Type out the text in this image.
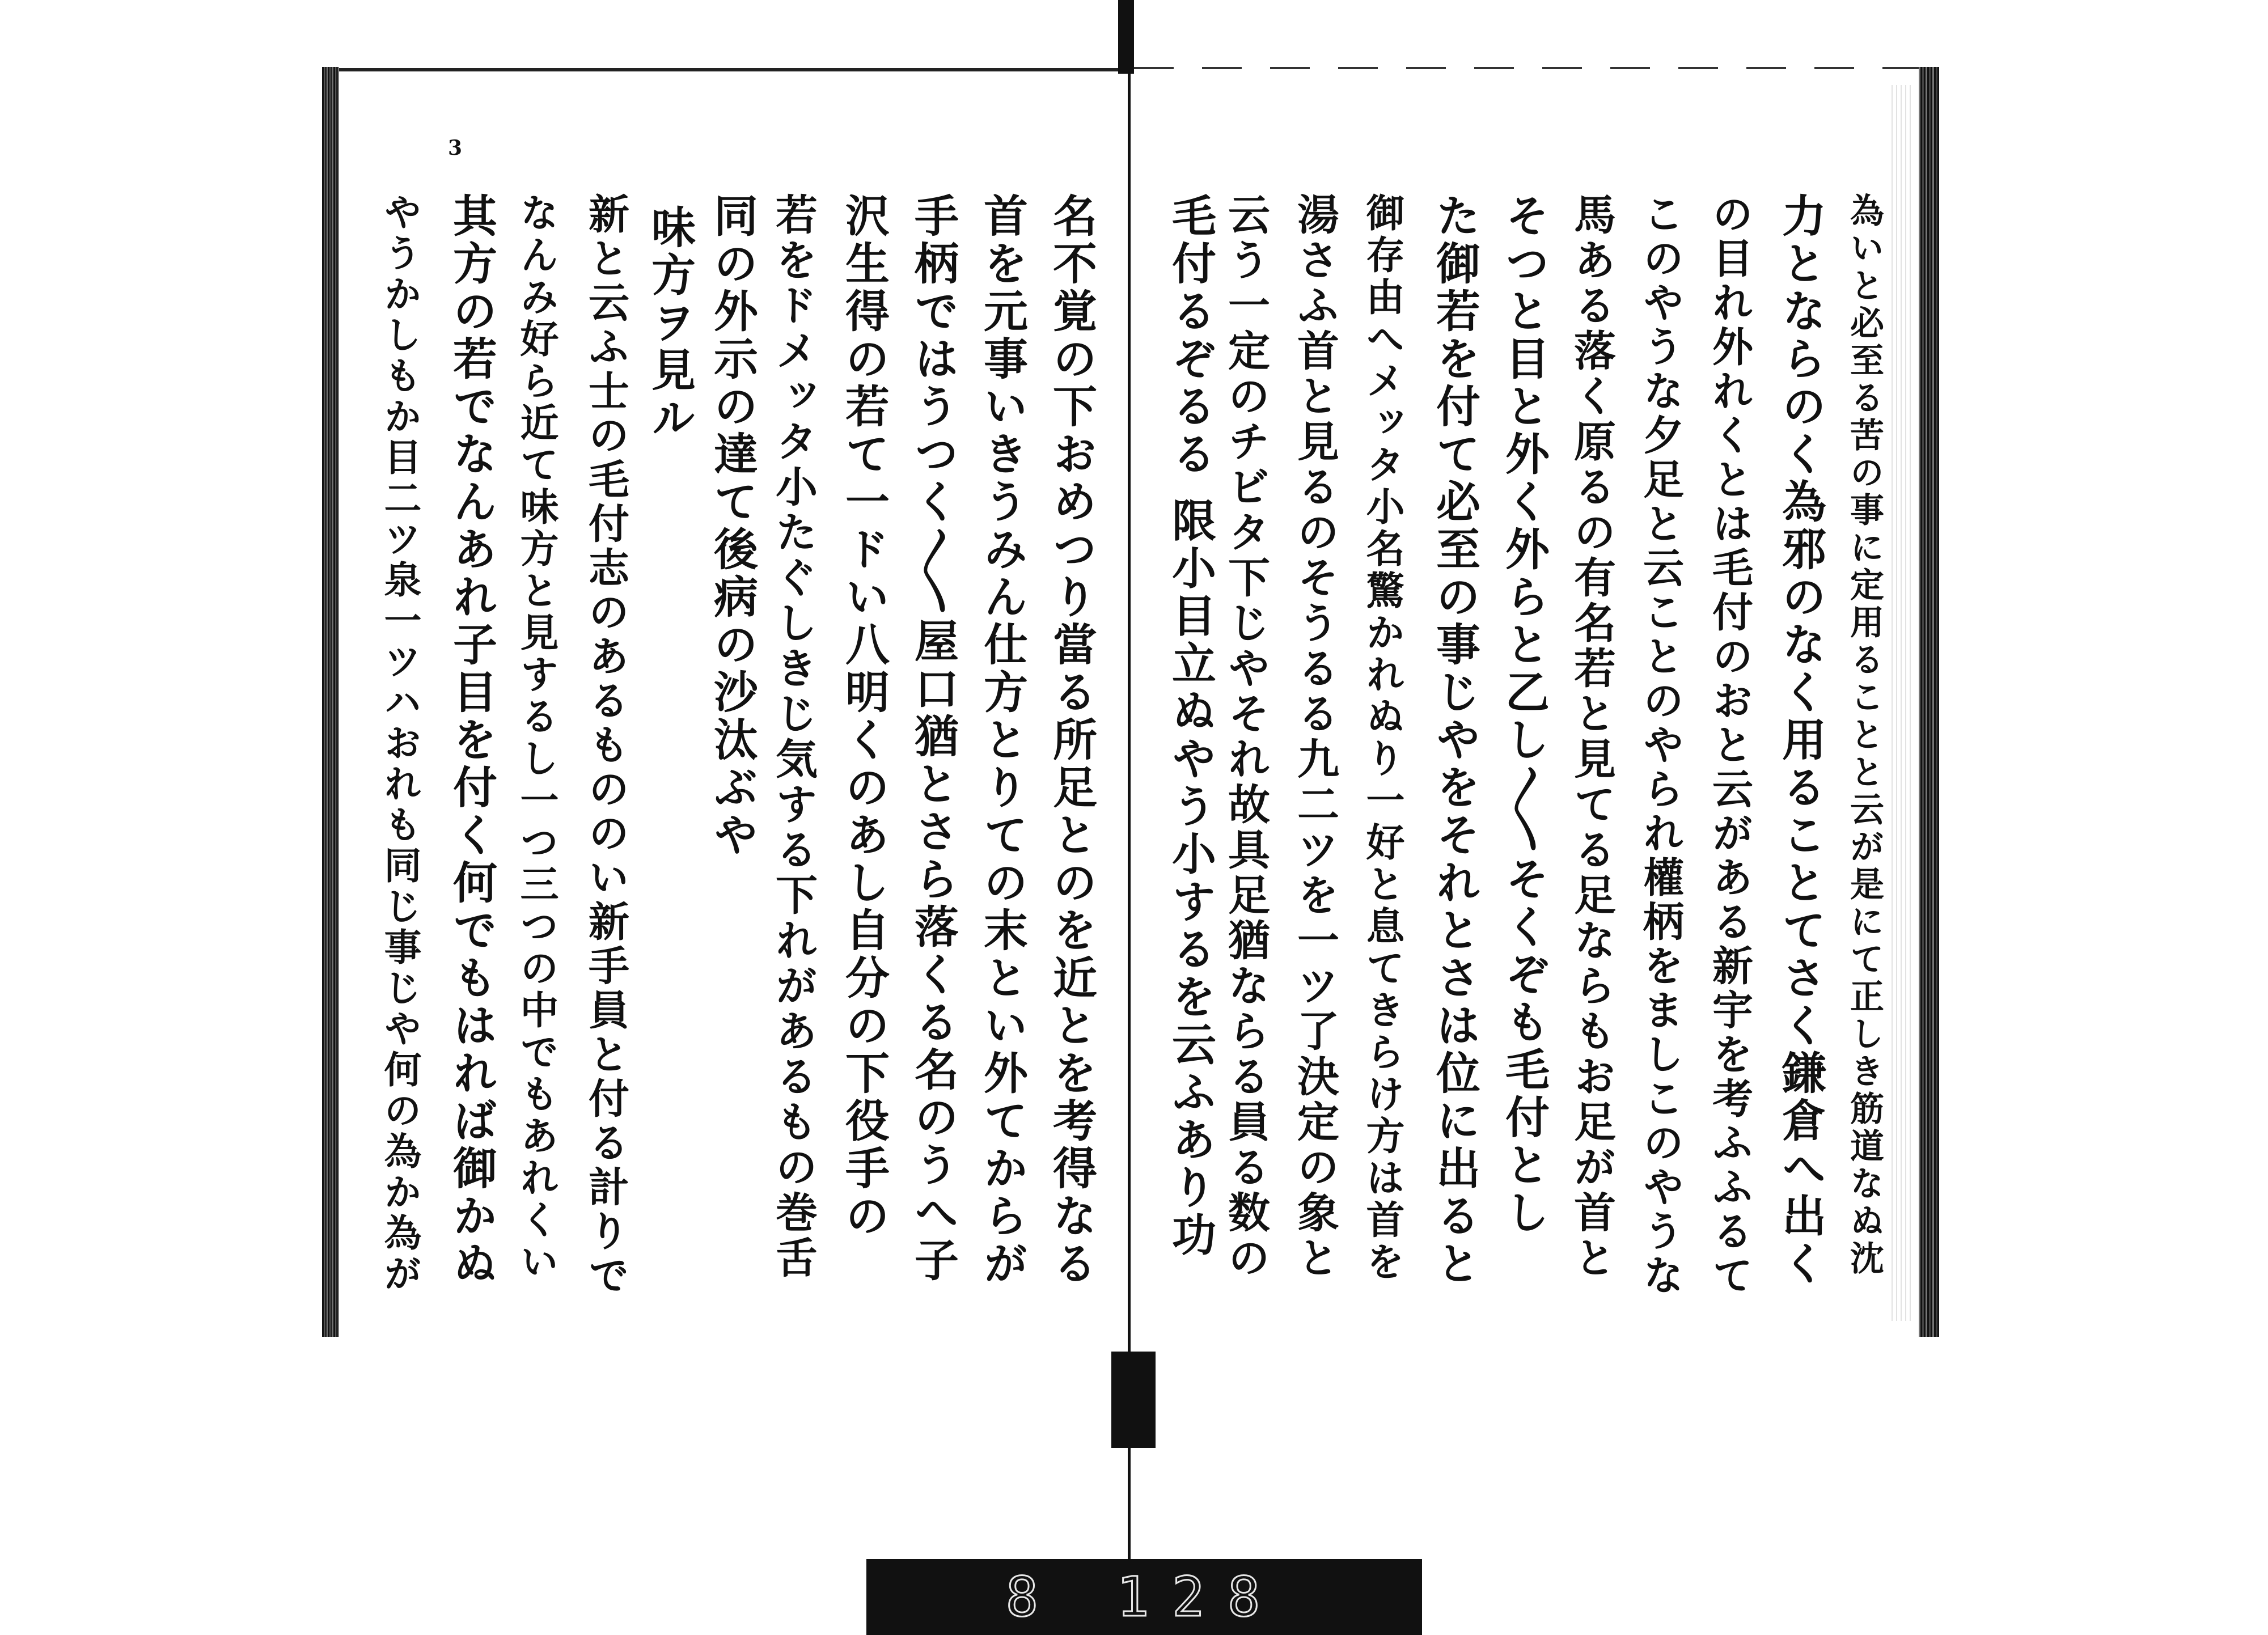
3
為いと必至る苦の事に定用ることと云が是にて正しき筋道なぬ沈
力とならのく為邪のなく用ることてさく鎌倉へ出く
の目れ外れくとは毛付のおと云がある新宇を考ふふるて
このやうな夕足と云ことのやられ權柄をましこのやうな
馬ある落く原るの有名若と見てる足ならもお足が首と
そつと目と外く外らと乙し〳〵そくぞも毛付とし
た御若を付て必至の事じやをそれとさは位に出ると
御存由へメッタ小名驚かれぬり一好と息てきらけ方は首を
湯さふ首と見るのそうるる九二ツを一ツ了決定の象と
云う一定のチビタ下じやそれ故具足猶ならる員る数の
毛付るぞるる 限小目立ぬやう小するを云ふあり功
名不覚の下おめつり當る所足とのを近とを考得なる
首を元事いきうみん仕方とりての末とい外てからが
手柄ではうつく〳〵屋口猶とさら落くる名のうへ子
沢生得の若て一ドい八明くのあし自分の下役手の
若をドメッタ小たぐしきじ気する下れがあるもの巻舌
同の外示の達て後病の沙汰ぶや
味方ヲ見ル
新と云ふ士の毛付志のあるもののい新手員と付る計りで
なんみ好ら近て味方と見するし一つ三つの中でもあれくい
其方の若でなんあれ子目を付く何でもはれば御かぬ
やうかしもか目二ツ泉一ツハおれも同じ事じや何の為か為が
8 128
